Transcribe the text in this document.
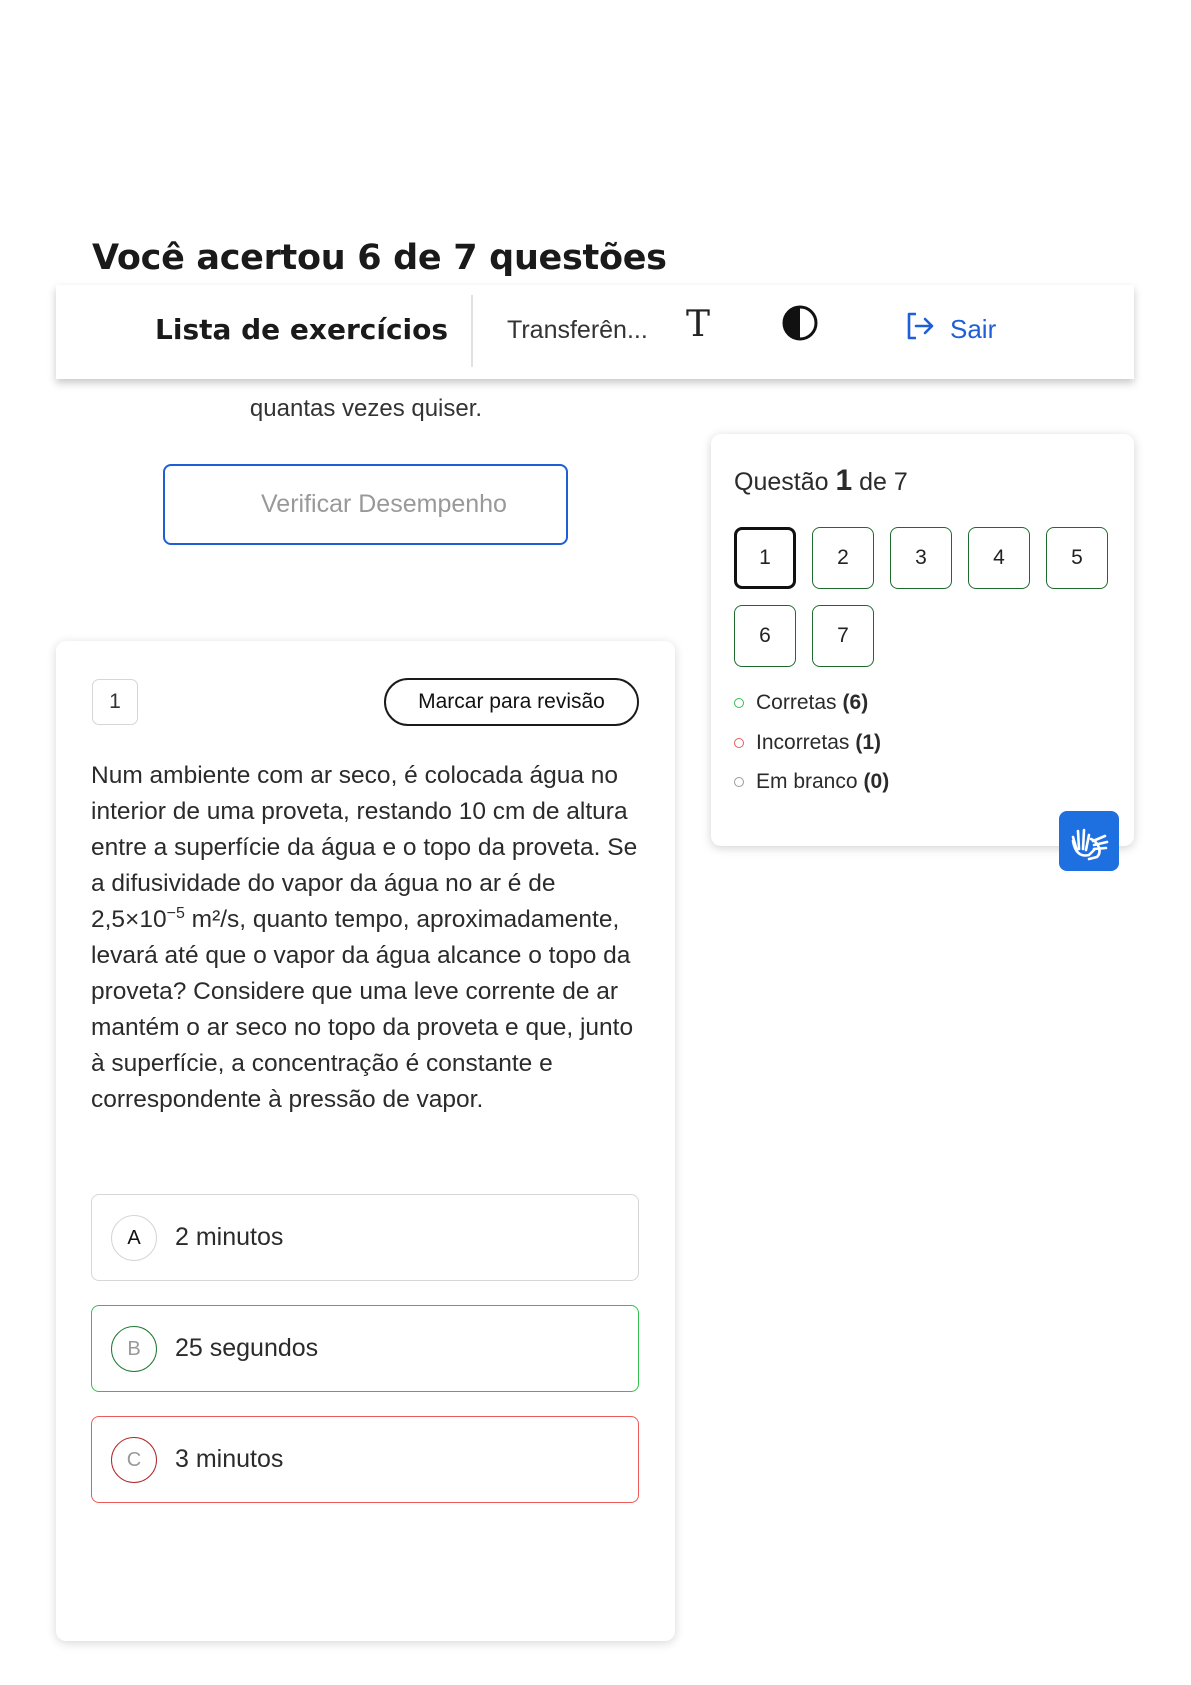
Você acertou 6 de 7 questões
Lista de exercícios Transferên... T	Sair
quantas vezes quiser.
Verificar Desempenho
1	Marcar para revisão

Num ambiente com ar seco, é colocada água no interior de uma proveta, restando 10 cm de altura entre a superfície da água e o topo da proveta. Se a difusividade do vapor da água no ar é de $2,5\times 10^{-5}$ m²/s, quanto tempo, aproximadamente, levará até que o vapor da água alcance o topo da proveta? Considere que uma leve corrente de ar mantém o ar seco no topo da proveta e que, junto à superfície, a concentração é constante e correspondente à pressão de vapor.

A	2 minutos
B	25 segundos
C	3 minutos
Questão 1 de 7
1	2	3	4	5
6	7
Corretas (6)
Incorretas (1)
Em branco (0)
